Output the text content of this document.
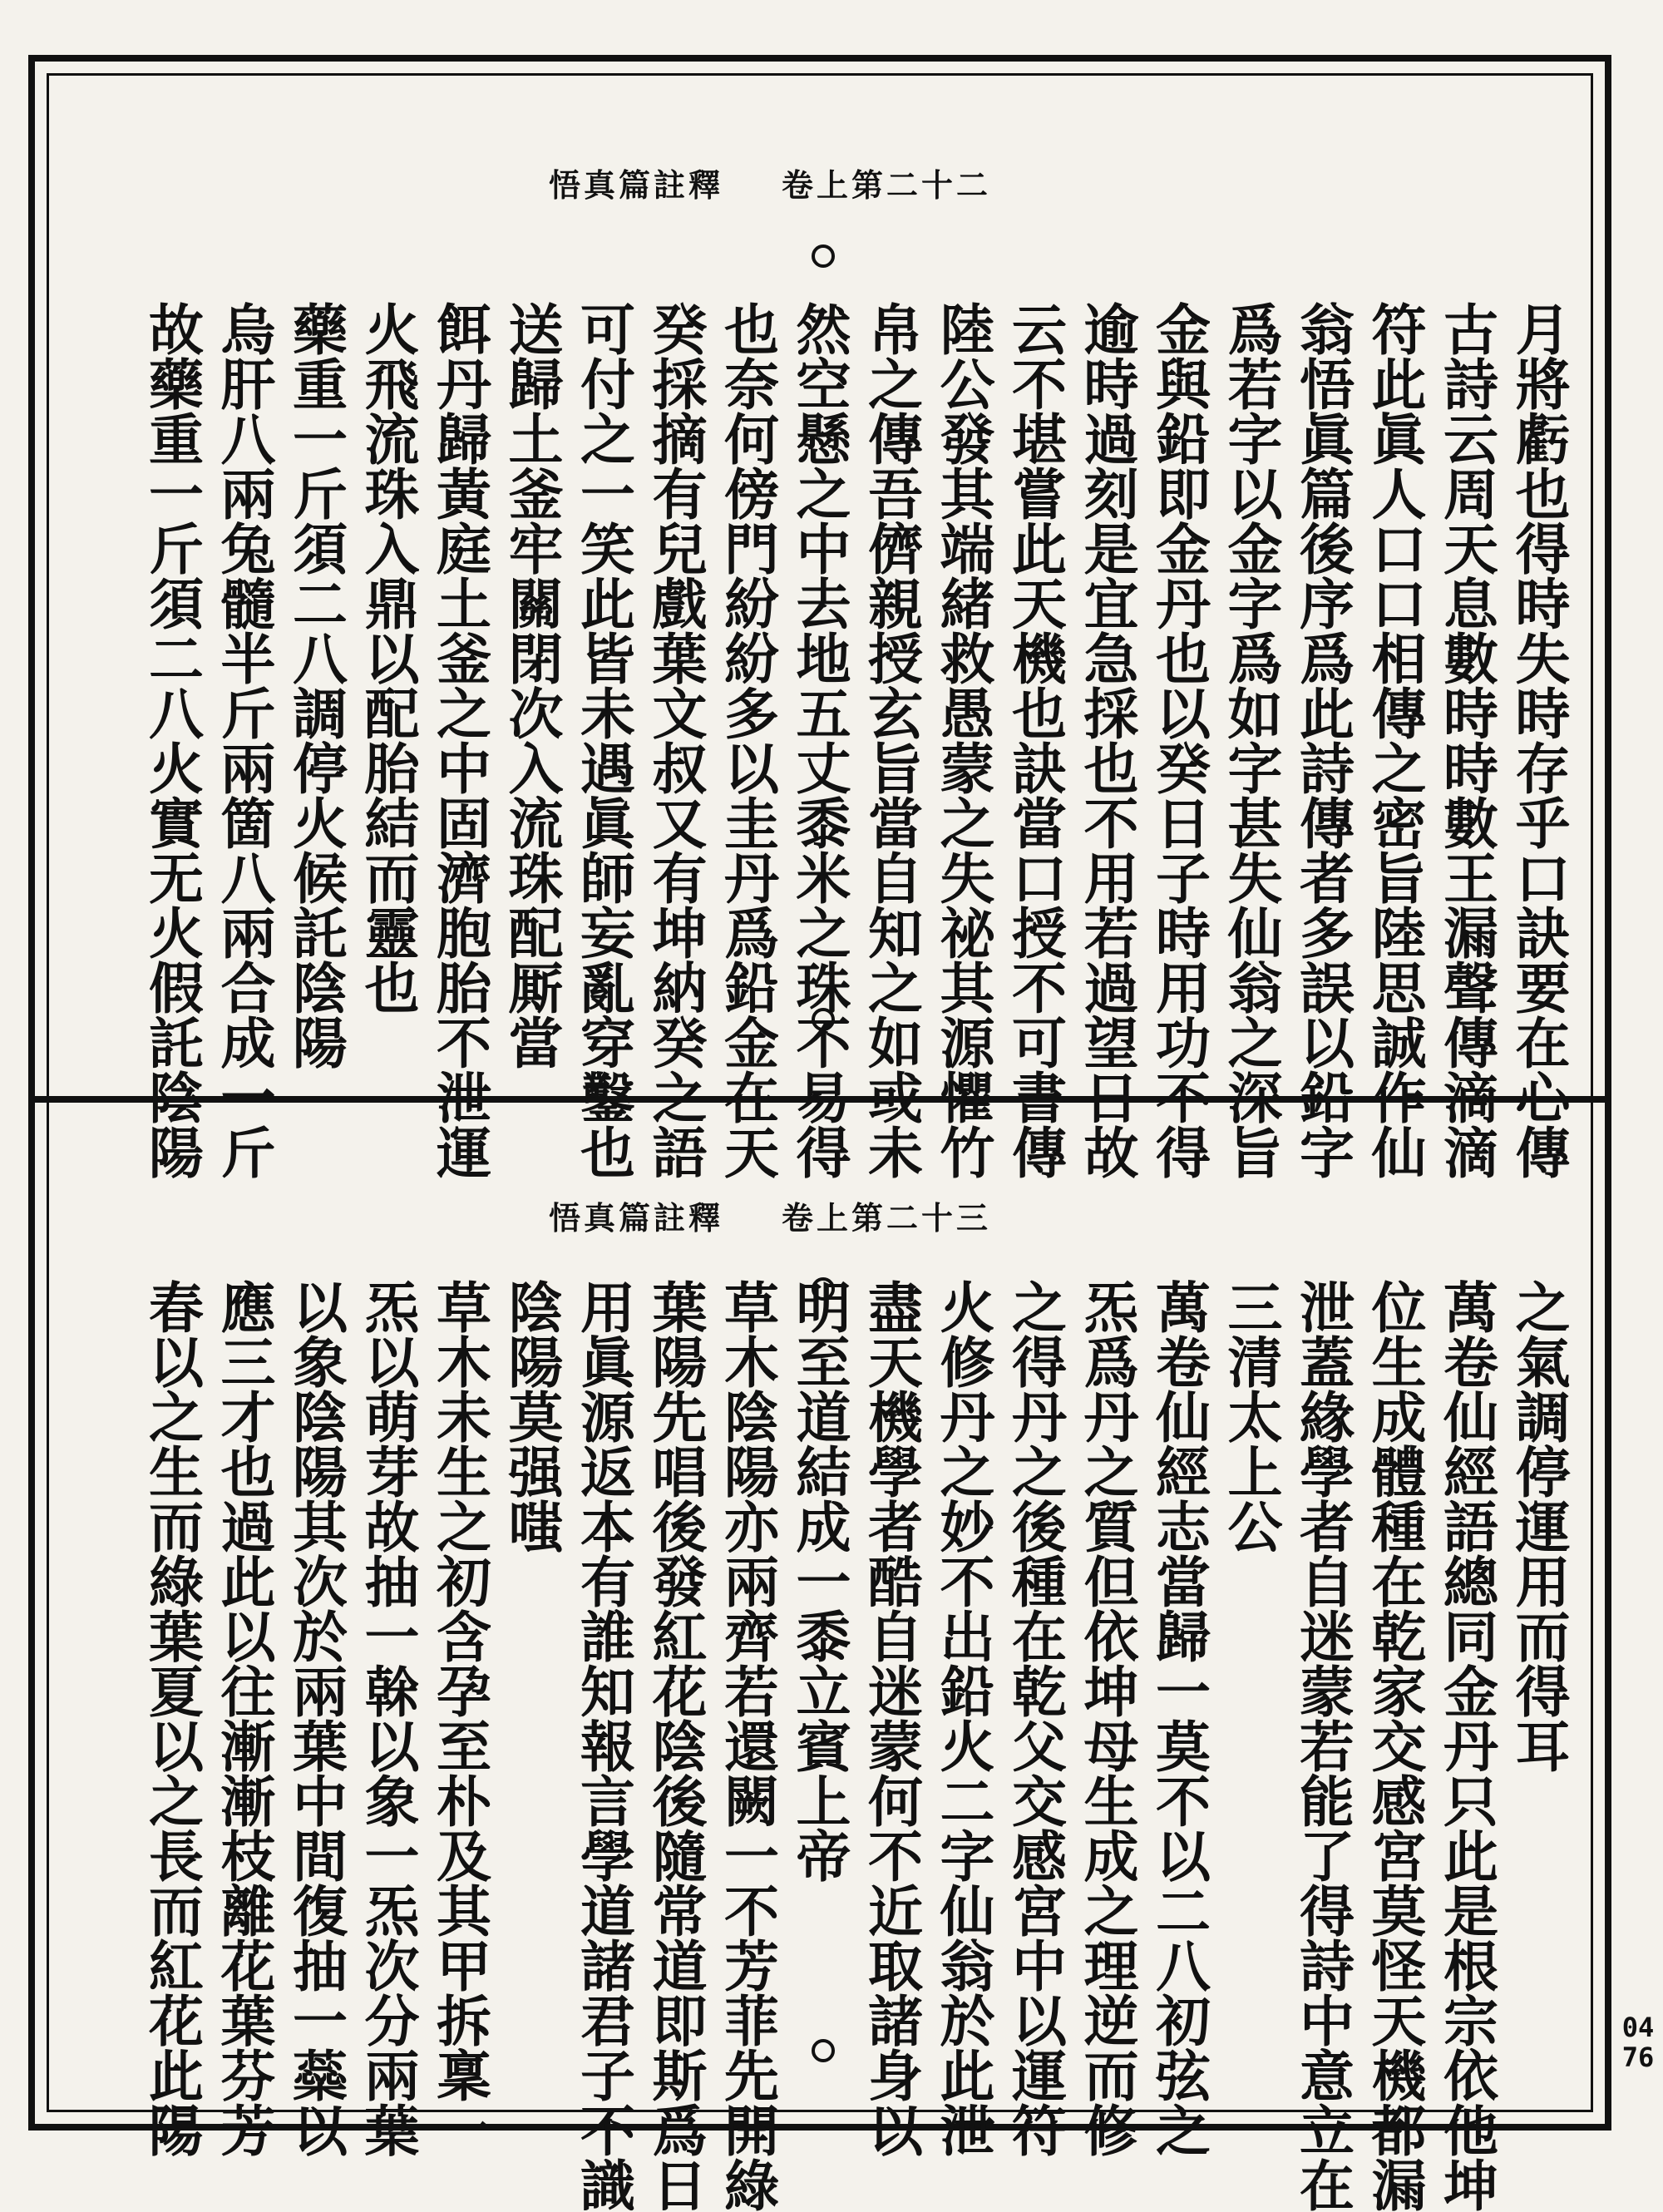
悟真篇註釋 卷上第二十二
月將虧也得時失時存乎口訣要在心傳
古詩云周天息數時時數王漏聲傳滴滴
符此眞人口口相傳之密旨陸思誠作仙
翁悟眞篇後序爲此詩傳者多誤以鉛字
爲若字以金字爲如字甚失仙翁之深旨
金與鉛即金丹也以癸日子時用功不得
逾時過刻是宜急採也不用若過望日故
云不堪嘗此天機也訣當口授不可書傳
陸公發其端緒救愚蒙之失祕其源懼竹
帛之傳吾儕親授玄旨當自知之如或未
然空懸之中去地五丈黍米之珠不易得
也奈何傍門紛紛多以圭丹爲鉛金在天
癸採摘有兒戲葉文叔又有坤納癸之語
可付之一笑此皆未遇眞師妄亂穿鑿也
送歸土釜牢關閉次入流珠配厮當
餌丹歸黃庭土釜之中固濟胞胎不泄運
火飛流珠入鼎以配胎結而靈也
藥重一斤須二八調停火候託陰陽
烏肝八兩兔髓半斤兩箇八兩合成一斤
故藥重一斤須二八火實无火假託陰陽
悟真篇註釋 卷上第二十三
之氣調停運用而得耳
萬卷仙經語總同金丹只此是根宗依他坤
位生成體種在乾家交感宮莫怪天機都漏
泄蓋緣學者自迷蒙若能了得詩中意立在
三清太上公
萬卷仙經志當歸一莫不以二八初弦之
炁爲丹之質但依坤母生成之理逆而修
之得丹之後種在乾父交感宮中以運符
火修丹之妙不出鉛火二字仙翁於此泄
盡天機學者酷自迷蒙何不近取諸身以
明至道結成一黍立賓上帝
草木陰陽亦兩齊若還闕一不芳菲先開綠
葉陽先唱後發紅花陰後隨常道即斯爲日
用眞源返本有誰知報言學道諸君子不識
陰陽莫强嗤
草木未生之初含孕至朴及其甲拆稟一
炁以萌芽故抽一榦以象一炁次分兩葉
以象陰陽其次於兩葉中間復抽一蘂以
應三才也過此以往漸漸枝離花葉芬芳
春以之生而綠葉夏以之長而紅花此陽	0476
